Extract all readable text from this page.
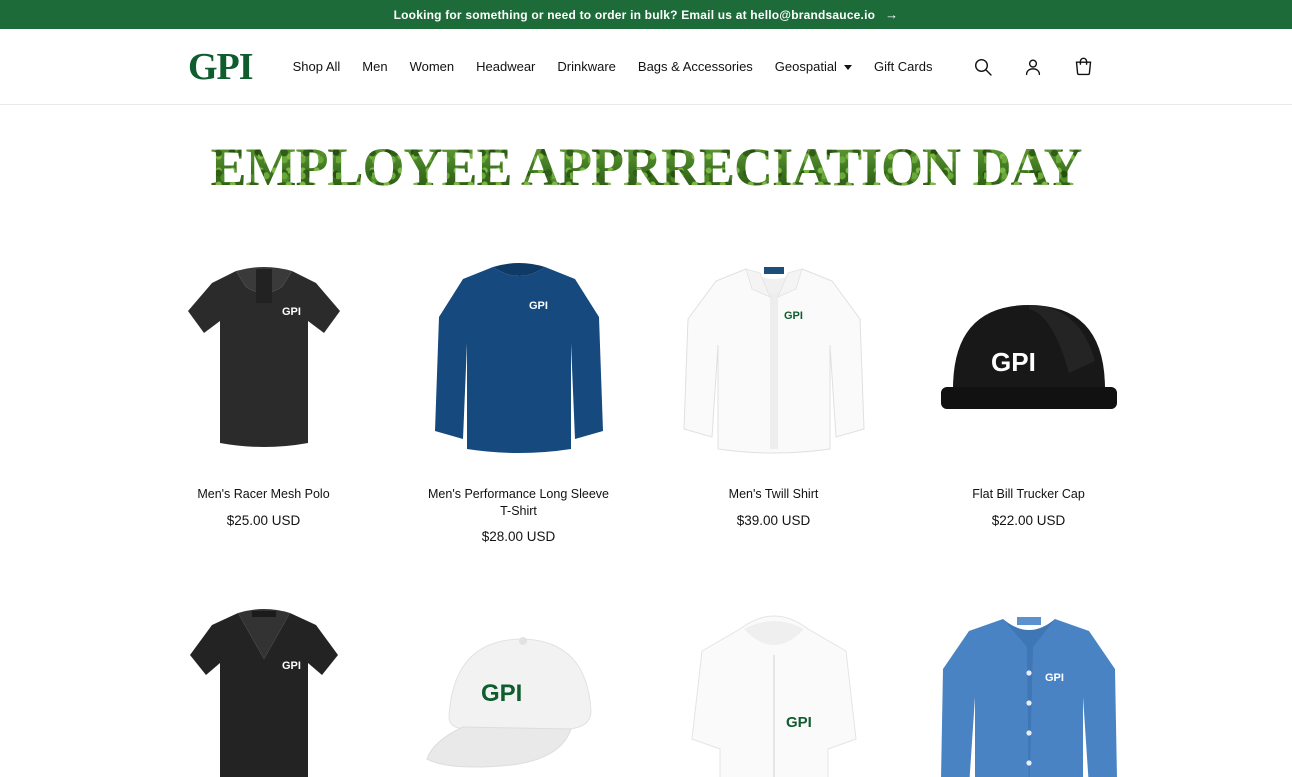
Looking for something or need to order in bulk? Email us at hello@brandsauce.io →
GPI	Shop All Men Women Headwear Drinkware Bags & Accessories Geospatial	Gift Cards
EMPLOYEE APPRRECIATION DAY
GPI
Men's Racer Mesh Polo
$25.00 USD
GPI
Men's Performance Long Sleeve T-Shirt
$28.00 USD
GPI
Men's Twill Shirt
$39.00 USD
GPI
Flat Bill Trucker Cap
$22.00 USD
GPI
GPI
GPI
GPI
